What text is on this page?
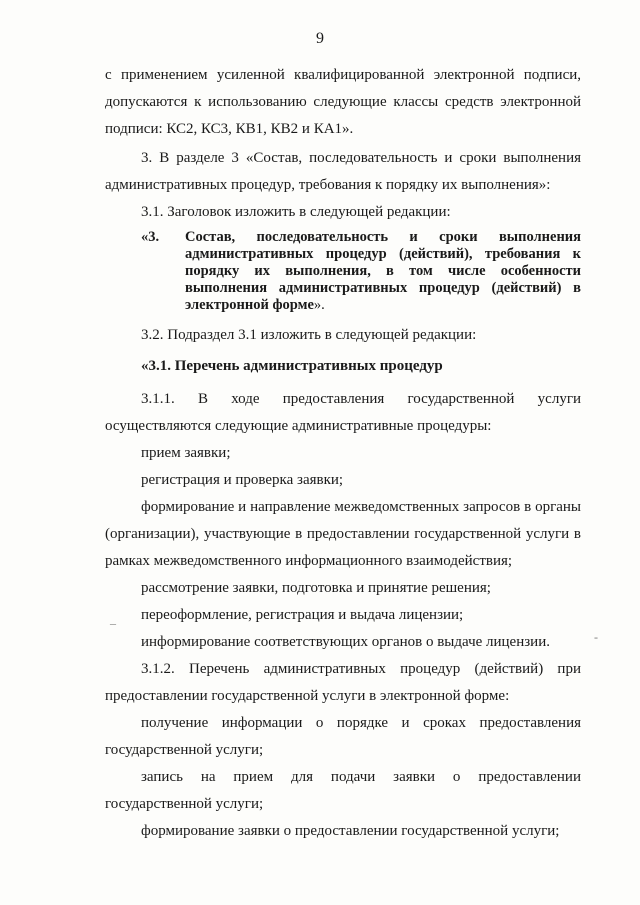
9

с применением усиленной квалифицированной электронной подписи, допускаются к использованию следующие классы средств электронной подписи: КС2, КС3, КВ1, КВ2 и КА1».

3. В разделе 3 «Состав, последовательность и сроки выполнения административных процедур, требования к порядку их выполнения»:

3.1. Заголовок изложить в следующей редакции:

«3.	Состав, последовательность и сроки выполнения административных процедур (действий), требования к порядку их выполнения, в том числе особенности выполнения административных процедур (действий) в электронной форме».

3.2. Подраздел 3.1 изложить в следующей редакции:

«3.1. Перечень административных процедур

3.1.1. В ходе предоставления государственной услуги осуществляются следующие административные процедуры:

прием заявки;

регистрация и проверка заявки;

формирование и направление межведомственных запросов в органы (организации), участвующие в предоставлении государственной услуги в рамках межведомственного информационного взаимодействия;

рассмотрение заявки, подготовка и принятие решения;

переоформление, регистрация и выдача лицензии;

информирование соответствующих органов о выдаче лицензии.

3.1.2. Перечень административных процедур (действий) при предоставлении государственной услуги в электронной форме:

получение информации о порядке и сроках предоставления государственной услуги;

запись на прием для подачи заявки о предоставлении государственной услуги;

формирование заявки о предоставлении государственной услуги;

_
-
